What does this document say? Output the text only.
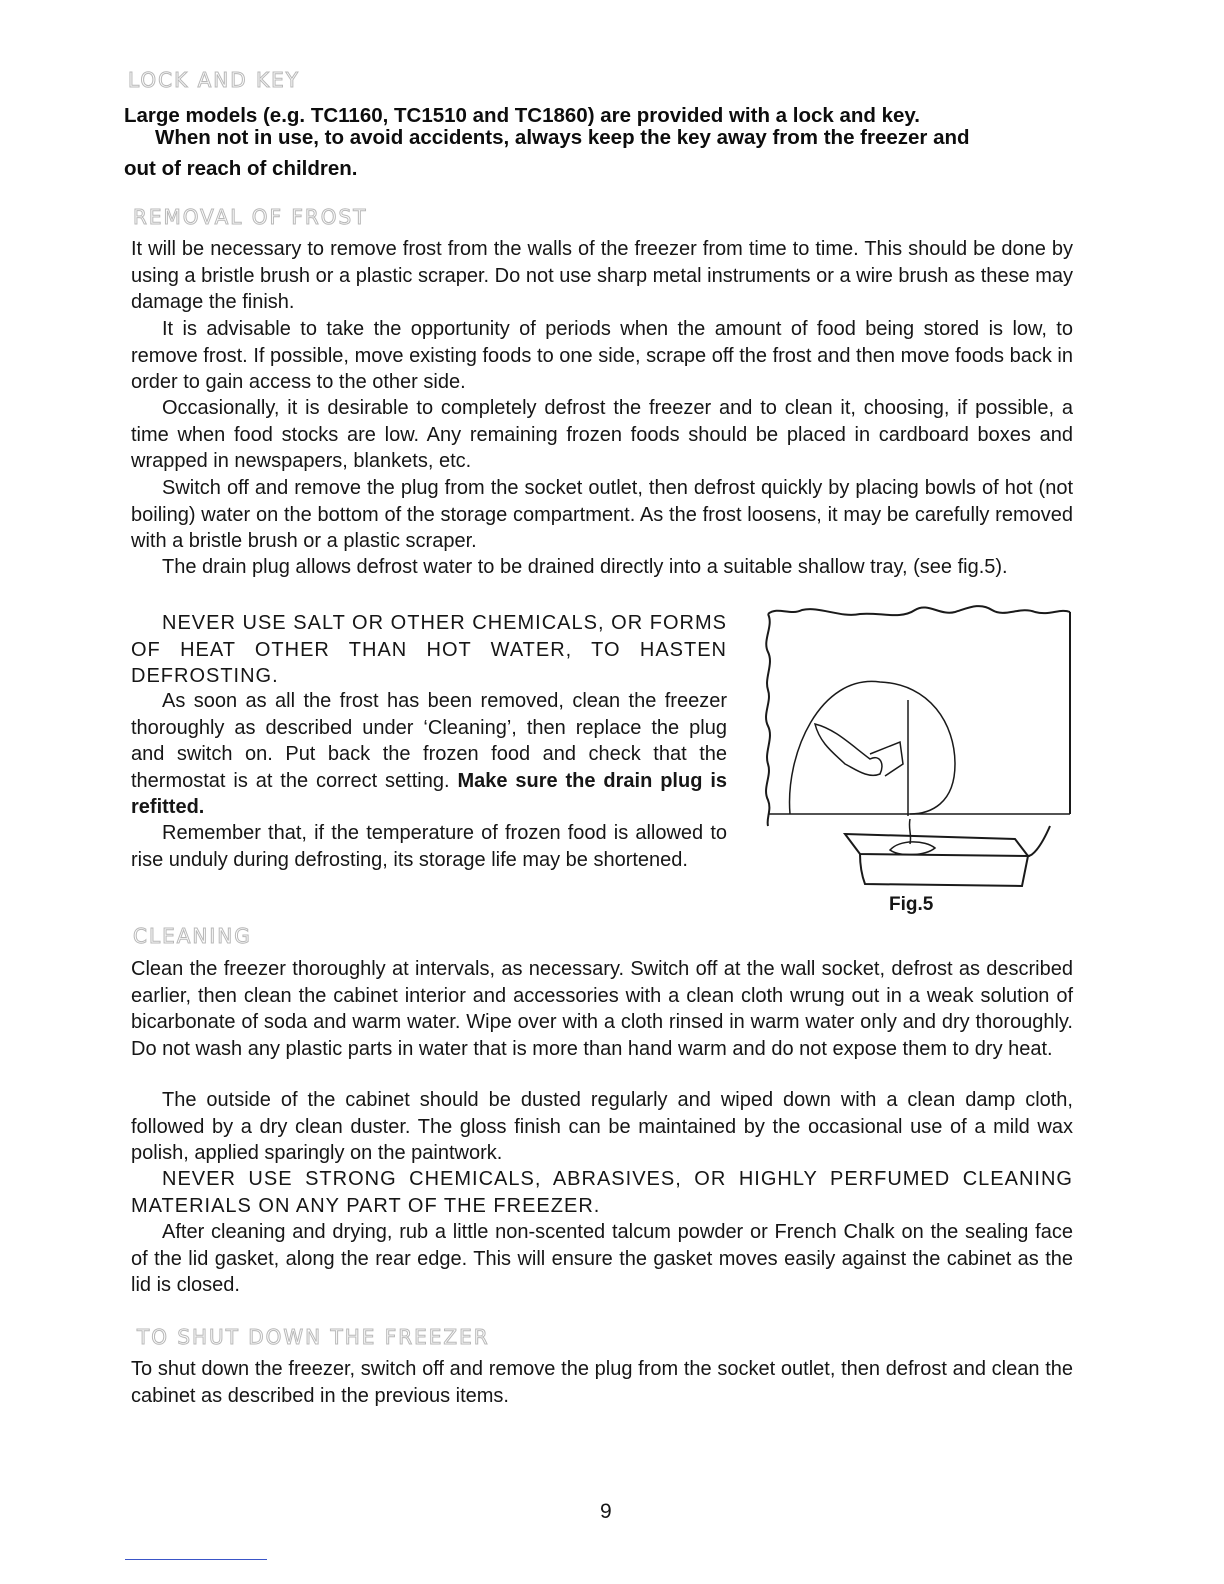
LOCK AND KEY
Large models (e.g. TC1160, TC1510 and TC1860) are provided with a lock and key.
When not in use, to avoid accidents, always keep the key away from the freezer and
out of reach of children.
REMOVAL OF FROST

It will be necessary to remove frost from the walls of the freezer from time to time. This should be done by using a bristle brush or a plastic scraper. Do not use sharp metal instruments or a wire brush as these may damage the finish.

It is advisable to take the opportunity of periods when the amount of food being stored is low, to remove frost. If possible, move existing foods to one side, scrape off the frost and then move foods back in order to gain access to the other side.

Occasionally, it is desirable to completely defrost the freezer and to clean it, choosing, if possible, a time when food stocks are low. Any remaining frozen foods should be placed in cardboard boxes and wrapped in newspapers, blankets, etc.

Switch off and remove the plug from the socket outlet, then defrost quickly by placing bowls of hot (not boiling) water on the bottom of the storage compartment. As the frost loosens, it may be carefully removed with a bristle brush or a plastic scraper.

The drain plug allows defrost water to be drained directly into a suitable shallow tray, (see fig.5).

NEVER USE SALT OR OTHER CHEMICALS, OR FORMS OF HEAT OTHER THAN HOT WATER, TO HASTEN DEFROSTING.

As soon as all the frost has been removed, clean the freezer thoroughly as described under ‘Cleaning’, then replace the plug and switch on. Put back the frozen food and check that the thermostat is at the correct setting. Make sure the drain plug is refitted.

Remember that, if the temperature of frozen food is allowed to rise unduly during defrosting, its storage life may be shortened.

Fig.5
CLEANING

Clean the freezer thoroughly at intervals, as necessary. Switch off at the wall socket, defrost as described earlier, then clean the cabinet interior and accessories with a clean cloth wrung out in a weak solution of bicarbonate of soda and warm water. Wipe over with a cloth rinsed in warm water only and dry thoroughly. Do not wash any plastic parts in water that is more than hand warm and do not expose them to dry heat.

The outside of the cabinet should be dusted regularly and wiped down with a clean damp cloth, followed by a dry clean duster. The gloss finish can be maintained by the occasional use of a mild wax polish, applied sparingly on the paintwork.

NEVER USE STRONG CHEMICALS, ABRASIVES, OR HIGHLY PERFUMED CLEANING MATERIALS ON ANY PART OF THE FREEZER.

After cleaning and drying, rub a little non-scented talcum powder or French Chalk on the sealing face of the lid gasket, along the rear edge. This will ensure the gasket moves easily against the cabinet as the lid is closed.

TO SHUT DOWN THE FREEZER

To shut down the freezer, switch off and remove the plug from the socket outlet, then defrost and clean the cabinet as described in the previous items.

9
